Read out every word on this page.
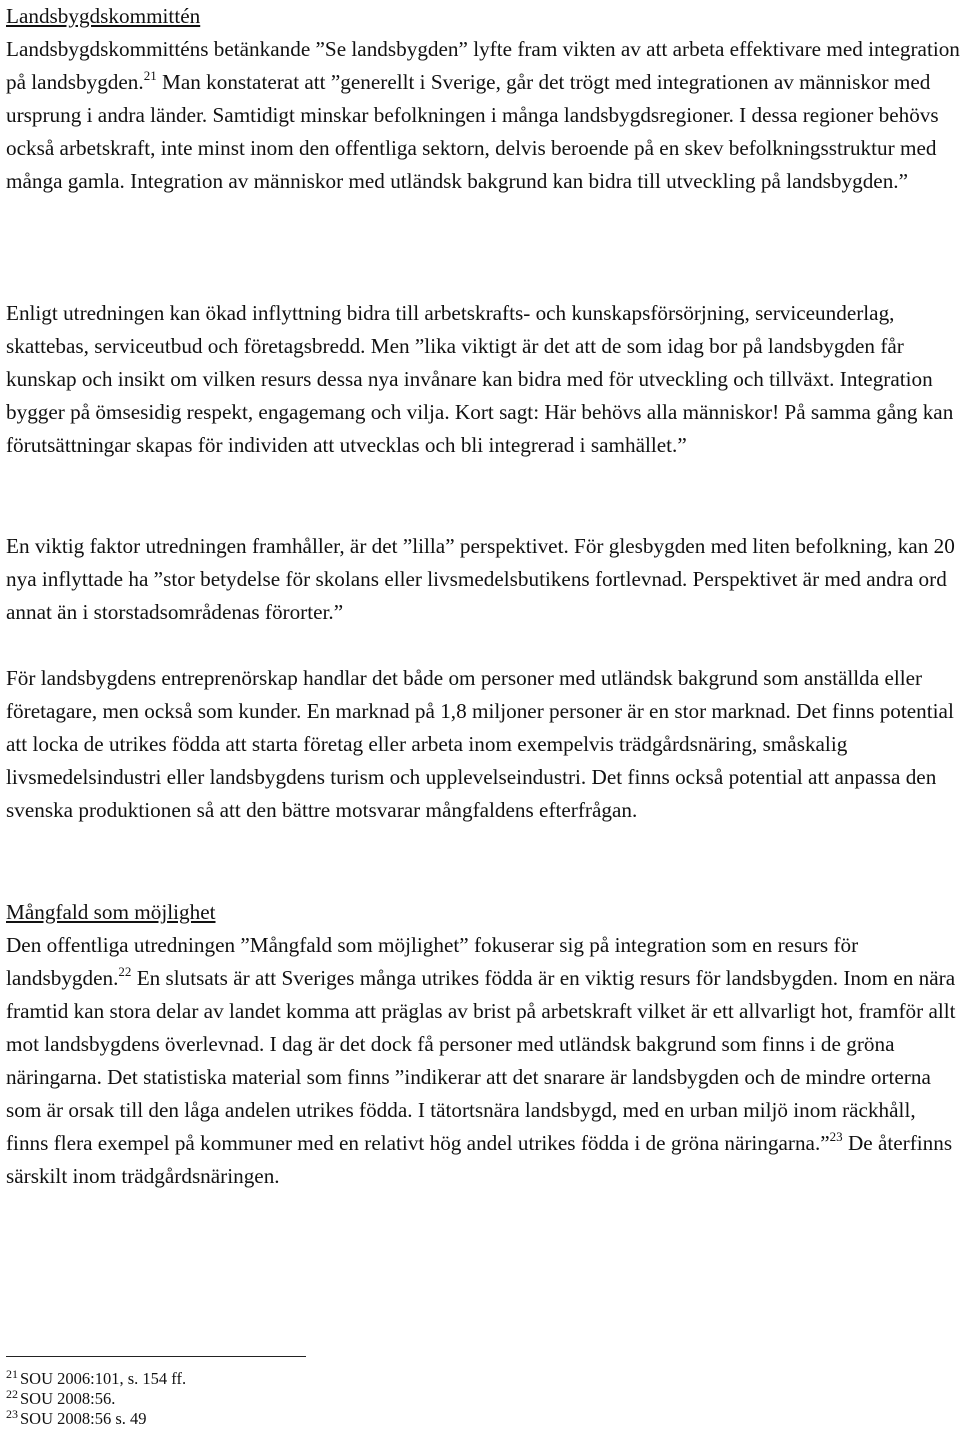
Landsbygdskommittén
Landsbygdskommitténs betänkande ”Se landsbygden” lyfte fram vikten av att arbeta effektivare med integration på landsbygden.$^{21}$ Man konstaterat att ”generellt i Sverige, går det trögt med integrationen av människor med ursprung i andra länder. Samtidigt minskar befolkningen i många landsbygdsregioner. I dessa regioner behövs också arbetskraft, inte minst inom den offentliga sektorn, delvis beroende på en skev befolkningsstruktur med många gamla. Integration av människor med utländsk bakgrund kan bidra till utveckling på landsbygden.”

Enligt utredningen kan ökad inflyttning bidra till arbetskrafts- och kunskapsförsörjning, serviceunderlag, skattebas, serviceutbud och företagsbredd. Men ”lika viktigt är det att de som idag bor på landsbygden får kunskap och insikt om vilken resurs dessa nya invånare kan bidra med för utveckling och tillväxt. Integration bygger på ömsesidig respekt, engagemang och vilja. Kort sagt: Här behövs alla människor! På samma gång kan förutsättningar skapas för individen att utvecklas och bli integrerad i samhället.”

En viktig faktor utredningen framhåller, är det ”lilla” perspektivet. För glesbygden med liten befolkning, kan 20 nya inflyttade ha ”stor betydelse för skolans eller livsmedelsbutikens fortlevnad. Perspektivet är med andra ord annat än i storstadsområdenas förorter.”

För landsbygdens entreprenörskap handlar det både om personer med utländsk bakgrund som anställda eller företagare, men också som kunder. En marknad på 1,8 miljoner personer är en stor marknad. Det finns potential att locka de utrikes födda att starta företag eller arbeta inom exempelvis trädgårdsnäring, småskalig livsmedelsindustri eller landsbygdens turism och upplevelseindustri. Det finns också potential att anpassa den svenska produktionen så att den bättre motsvarar mångfaldens efterfrågan.

Mångfald som möjlighet
Den offentliga utredningen ”Mångfald som möjlighet” fokuserar sig på integration som en resurs för landsbygden.$^{22}$ En slutsats är att Sveriges många utrikes födda är en viktig resurs för landsbygden. Inom en nära framtid kan stora delar av landet komma att präglas av brist på arbetskraft vilket är ett allvarligt hot, framför allt mot landsbygdens överlevnad. I dag är det dock få personer med utländsk bakgrund som finns i de gröna näringarna. Det statistiska material som finns ”indikerar att det snarare är landsbygden och de mindre orterna som är orsak till den låga andelen utrikes födda. I tätortsnära landsbygd, med en urban miljö inom räckhåll, finns flera exempel på kommuner med en relativt hög andel utrikes födda i de gröna näringarna.”$^{23}$ De återfinns särskilt inom trädgårdsnäringen.
$^{21}$ SOU 2006:101, s. 154 ff.
$^{22}$ SOU 2008:56.
$^{23}$ SOU 2008:56 s. 49
